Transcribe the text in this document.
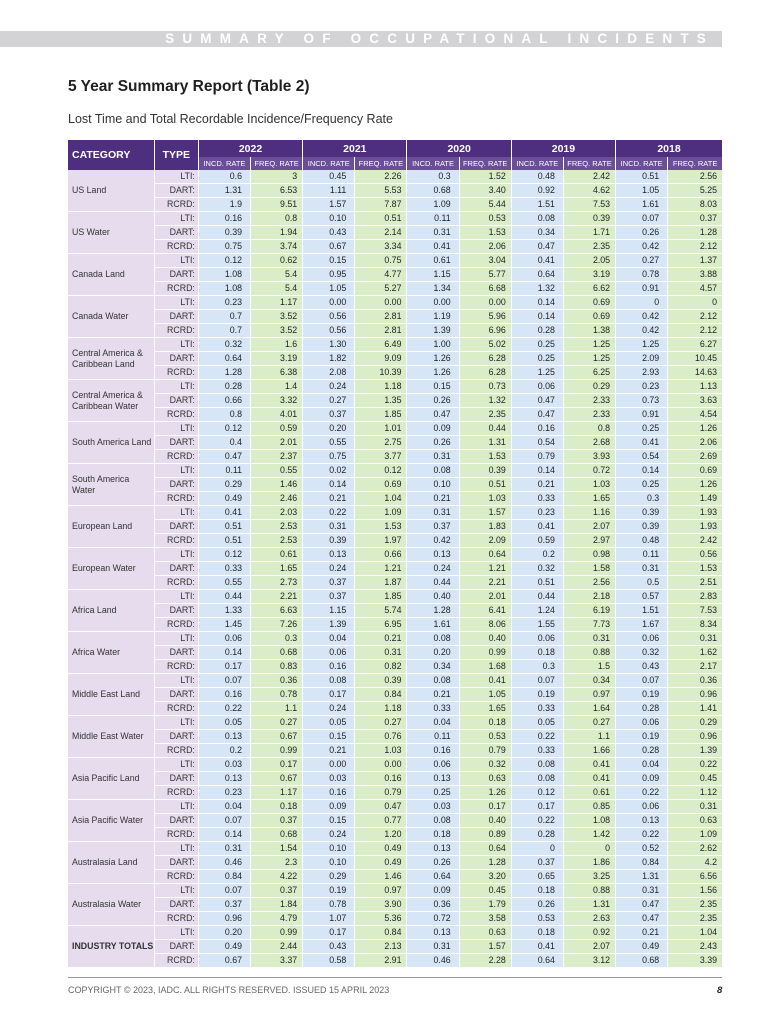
SUMMARY OF OCCUPATIONAL INCIDENTS
5 Year Summary Report (Table 2)
Lost Time and Total Recordable Incidence/Frequency Rate
CATEGORY	TYPE	2022		2021		2020		2019		2018	
		INCD. RATE	FREQ. RATE	INCD. RATE	FREQ. RATE	INCD. RATE	FREQ. RATE	INCD. RATE	FREQ. RATE	INCD. RATE	FREQ. RATE
US Land	LTI:	0.6	3	0.45	2.26	0.3	1.52	0.48	2.42	0.51	2.56
	DART:	1.31	6.53	1.11	5.53	0.68	3.40	0.92	4.62	1.05	5.25
	RCRD:	1.9	9.51	1.57	7.87	1.09	5.44	1.51	7.53	1.61	8.03
US Water	LTI:	0.16	0.8	0.10	0.51	0.11	0.53	0.08	0.39	0.07	0.37
	DART:	0.39	1.94	0.43	2.14	0.31	1.53	0.34	1.71	0.26	1.28
	RCRD:	0.75	3.74	0.67	3.34	0.41	2.06	0.47	2.35	0.42	2.12
Canada Land	LTI:	0.12	0.62	0.15	0.75	0.61	3.04	0.41	2.05	0.27	1.37
	DART:	1.08	5.4	0.95	4.77	1.15	5.77	0.64	3.19	0.78	3.88
	RCRD:	1.08	5.4	1.05	5.27	1.34	6.68	1.32	6.62	0.91	4.57
Canada Water	LTI:	0.23	1.17	0.00	0.00	0.00	0.00	0.14	0.69	0	0
	DART:	0.7	3.52	0.56	2.81	1.19	5.96	0.14	0.69	0.42	2.12
	RCRD:	0.7	3.52	0.56	2.81	1.39	6.96	0.28	1.38	0.42	2.12
Central America & Caribbean Land	LTI:	0.32	1.6	1.30	6.49	1.00	5.02	0.25	1.25	1.25	6.27
	DART:	0.64	3.19	1.82	9.09	1.26	6.28	0.25	1.25	2.09	10.45
	RCRD:	1.28	6.38	2.08	10.39	1.26	6.28	1.25	6.25	2.93	14.63
Central America & Caribbean Water	LTI:	0.28	1.4	0.24	1.18	0.15	0.73	0.06	0.29	0.23	1.13
	DART:	0.66	3.32	0.27	1.35	0.26	1.32	0.47	2.33	0.73	3.63
	RCRD:	0.8	4.01	0.37	1.85	0.47	2.35	0.47	2.33	0.91	4.54
South America Land	LTI:	0.12	0.59	0.20	1.01	0.09	0.44	0.16	0.8	0.25	1.26
	DART:	0.4	2.01	0.55	2.75	0.26	1.31	0.54	2.68	0.41	2.06
	RCRD:	0.47	2.37	0.75	3.77	0.31	1.53	0.79	3.93	0.54	2.69
South America Water	LTI:	0.11	0.55	0.02	0.12	0.08	0.39	0.14	0.72	0.14	0.69
	DART:	0.29	1.46	0.14	0.69	0.10	0.51	0.21	1.03	0.25	1.26
	RCRD:	0.49	2.46	0.21	1.04	0.21	1.03	0.33	1.65	0.3	1.49
European Land	LTI:	0.41	2.03	0.22	1.09	0.31	1.57	0.23	1.16	0.39	1.93
	DART:	0.51	2.53	0.31	1.53	0.37	1.83	0.41	2.07	0.39	1.93
	RCRD:	0.51	2.53	0.39	1.97	0.42	2.09	0.59	2.97	0.48	2.42
European Water	LTI:	0.12	0.61	0.13	0.66	0.13	0.64	0.2	0.98	0.11	0.56
	DART:	0.33	1.65	0.24	1.21	0.24	1.21	0.32	1.58	0.31	1.53
	RCRD:	0.55	2.73	0.37	1.87	0.44	2.21	0.51	2.56	0.5	2.51
Africa Land	LTI:	0.44	2.21	0.37	1.85	0.40	2.01	0.44	2.18	0.57	2.83
	DART:	1.33	6.63	1.15	5.74	1.28	6.41	1.24	6.19	1.51	7.53
	RCRD:	1.45	7.26	1.39	6.95	1.61	8.06	1.55	7.73	1.67	8.34
Africa Water	LTI:	0.06	0.3	0.04	0.21	0.08	0.40	0.06	0.31	0.06	0.31
	DART:	0.14	0.68	0.06	0.31	0.20	0.99	0.18	0.88	0.32	1.62
	RCRD:	0.17	0.83	0.16	0.82	0.34	1.68	0.3	1.5	0.43	2.17
Middle East Land	LTI:	0.07	0.36	0.08	0.39	0.08	0.41	0.07	0.34	0.07	0.36
	DART:	0.16	0.78	0.17	0.84	0.21	1.05	0.19	0.97	0.19	0.96
	RCRD:	0.22	1.1	0.24	1.18	0.33	1.65	0.33	1.64	0.28	1.41
Middle East Water	LTI:	0.05	0.27	0.05	0.27	0.04	0.18	0.05	0.27	0.06	0.29
	DART:	0.13	0.67	0.15	0.76	0.11	0.53	0.22	1.1	0.19	0.96
	RCRD:	0.2	0.99	0.21	1.03	0.16	0.79	0.33	1.66	0.28	1.39
Asia Pacific Land	LTI:	0.03	0.17	0.00	0.00	0.06	0.32	0.08	0.41	0.04	0.22
	DART:	0.13	0.67	0.03	0.16	0.13	0.63	0.08	0.41	0.09	0.45
	RCRD:	0.23	1.17	0.16	0.79	0.25	1.26	0.12	0.61	0.22	1.12
Asia Pacific Water	LTI:	0.04	0.18	0.09	0.47	0.03	0.17	0.17	0.85	0.06	0.31
	DART:	0.07	0.37	0.15	0.77	0.08	0.40	0.22	1.08	0.13	0.63
	RCRD:	0.14	0.68	0.24	1.20	0.18	0.89	0.28	1.42	0.22	1.09
Australasia Land	LTI:	0.31	1.54	0.10	0.49	0.13	0.64	0	0	0.52	2.62
	DART:	0.46	2.3	0.10	0.49	0.26	1.28	0.37	1.86	0.84	4.2
	RCRD:	0.84	4.22	0.29	1.46	0.64	3.20	0.65	3.25	1.31	6.56
Australasia Water	LTI:	0.07	0.37	0.19	0.97	0.09	0.45	0.18	0.88	0.31	1.56
	DART:	0.37	1.84	0.78	3.90	0.36	1.79	0.26	1.31	0.47	2.35
	RCRD:	0.96	4.79	1.07	5.36	0.72	3.58	0.53	2.63	0.47	2.35
INDUSTRY TOTALS	LTI:	0.20	0.99	0.17	0.84	0.13	0.63	0.18	0.92	0.21	1.04
	DART:	0.49	2.44	0.43	2.13	0.31	1.57	0.41	2.07	0.49	2.43
	RCRD:	0.67	3.37	0.58	2.91	0.46	2.28	0.64	3.12	0.68	3.39
COPYRIGHT © 2023, IADC. ALL RIGHTS RESERVED. ISSUED 15 APRIL 2023	8
